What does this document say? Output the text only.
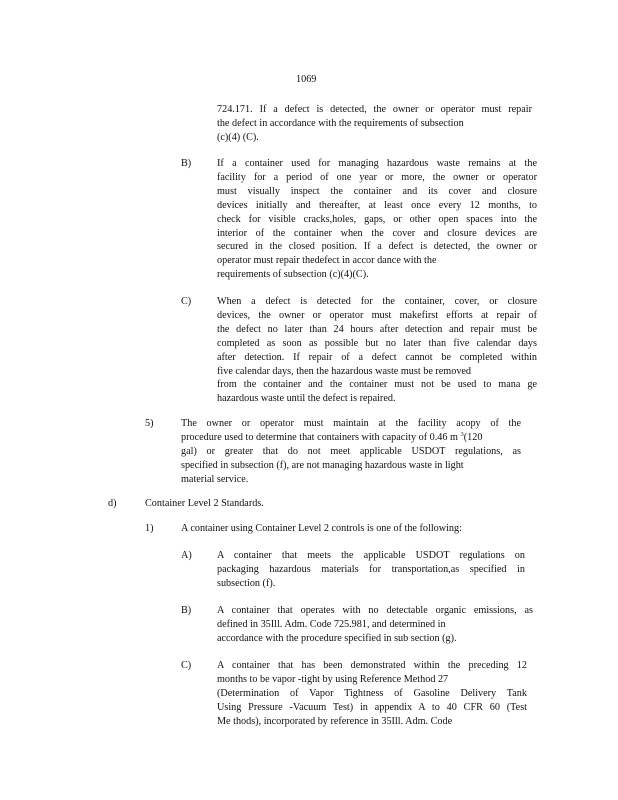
1069
724.171. If a defect is detected, the owner or operator must repair
the defect in accordance with the requirements of subsection
(c)(4) (C).
B)	If a container used for managing hazardous waste remains at the
facility for a period of one year or more, the owner or operator
must visually inspect the container and its cover and closure
devices initially and thereafter, at least once every 12 months, to
check for visible cracks,holes, gaps, or other open spaces into the
interior of the container when the cover and closure devices are
secured in the closed position. If a defect is detected, the owner or
operator must repair thedefect in accor dance with the
requirements of subsection (c)(4)(C).
C)	When a defect is detected for the container, cover, or closure
devices, the owner or operator must makefirst efforts at repair of
the defect no later than 24 hours after detection and repair must be
completed as soon as possible but no later than five calendar days
after detection. If repair of a defect cannot be completed within
five calendar days, then the hazardous waste must be removed
from the container and the container must not be used to mana ge
hazardous waste until the defect is repaired.
5)	The owner or operator must maintain at the facility acopy of the
procedure used to determine that containers with capacity of 0.46 m $^3$(120
gal) or greater that do not meet applicable USDOT regulations, as
specified in subsection (f), are not managing hazardous waste in light
material service.
d)	Container Level 2 Standards.
1)	A container using Container Level 2 controls is one of the following:
A) A container that meets the applicable USDOT regulations on
packaging hazardous materials for transportation,as specified in
subsection (f).
B)	A container that operates with no detectable organic emissions, as
defined in 35Ill. Adm. Code 725.981, and determined in
accordance with the procedure specified in sub section (g).
C)	A container that has been demonstrated within the preceding 12
months to be vapor -tight by using Reference Method 27
(Determination of Vapor Tightness of Gasoline Delivery Tank
Using Pressure -Vacuum Test) in appendix A to 40 CFR 60 (Test
Me thods), incorporated by reference in 35Ill. Adm. Code
